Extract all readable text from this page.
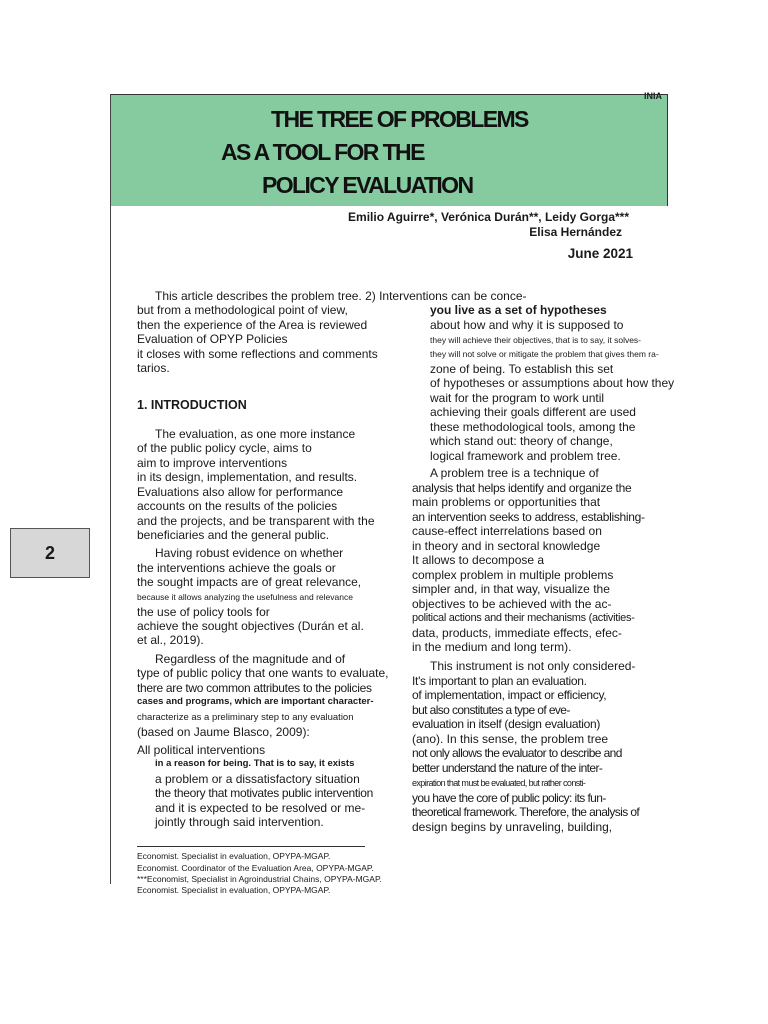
INIA
THE TREE OF PROBLEMS
AS A TOOL FOR THE
POLICY EVALUATION
Emilio Aguirre*, Verónica Durán**, Leidy Gorga***
Elisa Hernández
June 2021
2
This article describes the problem tree. 2) Interventions can be conce-
but from a methodological point of view,
then the experience of the Area is reviewed
Evaluation of OPYP Policies
it closes with some reflections and comments
tarios.
1. INTRODUCTION
The evaluation, as one more instance
of the public policy cycle, aims to
aim to improve interventions
in its design, implementation, and results.
Evaluations also allow for performance
accounts on the results of the policies
and the projects, and be transparent with the
beneficiaries and the general public.
Having robust evidence on whether
the interventions achieve the goals or
the sought impacts are of great relevance,
because it allows analyzing the usefulness and relevance
the use of policy tools for
achieve the sought objectives (Durán et al.
et al., 2019).
Regardless of the magnitude and of
type of public policy that one wants to evaluate,
there are two common attributes to the policies
cases and programs, which are important character-
characterize as a preliminary step to any evaluation
(based on Jaume Blasco, 2009):
All political interventions
in a reason for being. That is to say, it exists
a problem or a dissatisfactory situation
the theory that motivates public intervention
and it is expected to be resolved or me-
jointly through said intervention.
you live as a set of hypotheses
about how and why it is supposed to
they will achieve their objectives, that is to say, it solves-
they will not solve or mitigate the problem that gives them ra-
zone of being. To establish this set
of hypotheses or assumptions about how they
wait for the program to work until
achieving their goals different are used
these methodological tools, among the
which stand out: theory of change,
logical framework and problem tree.
A problem tree is a technique of
analysis that helps identify and organize the
main problems or opportunities that
an intervention seeks to address, establishing-
cause-effect interrelations based on
in theory and in sectoral knowledge
It allows to decompose a
complex problem in multiple problems
simpler and, in that way, visualize the
objectives to be achieved with the ac-
political actions and their mechanisms (activities-
data, products, immediate effects, efec-
in the medium and long term).
This instrument is not only considered-
It's important to plan an evaluation.
of implementation, impact or efficiency,
but also constitutes a type of eve-
evaluation in itself (design evaluation)
(ano). In this sense, the problem tree
not only allows the evaluator to describe and
better understand the nature of the inter-
expiration that must be evaluated, but rather consti-
you have the core of public policy: its fun-
theoretical framework. Therefore, the analysis of
design begins by unraveling, building,
Economist. Specialist in evaluation, OPYPA-MGAP.
Economist. Coordinator of the Evaluation Area, OPYPA-MGAP.
***Economist, Specialist in Agroindustrial Chains, OPYPA-MGAP.
Economist. Specialist in evaluation, OPYPA-MGAP.
